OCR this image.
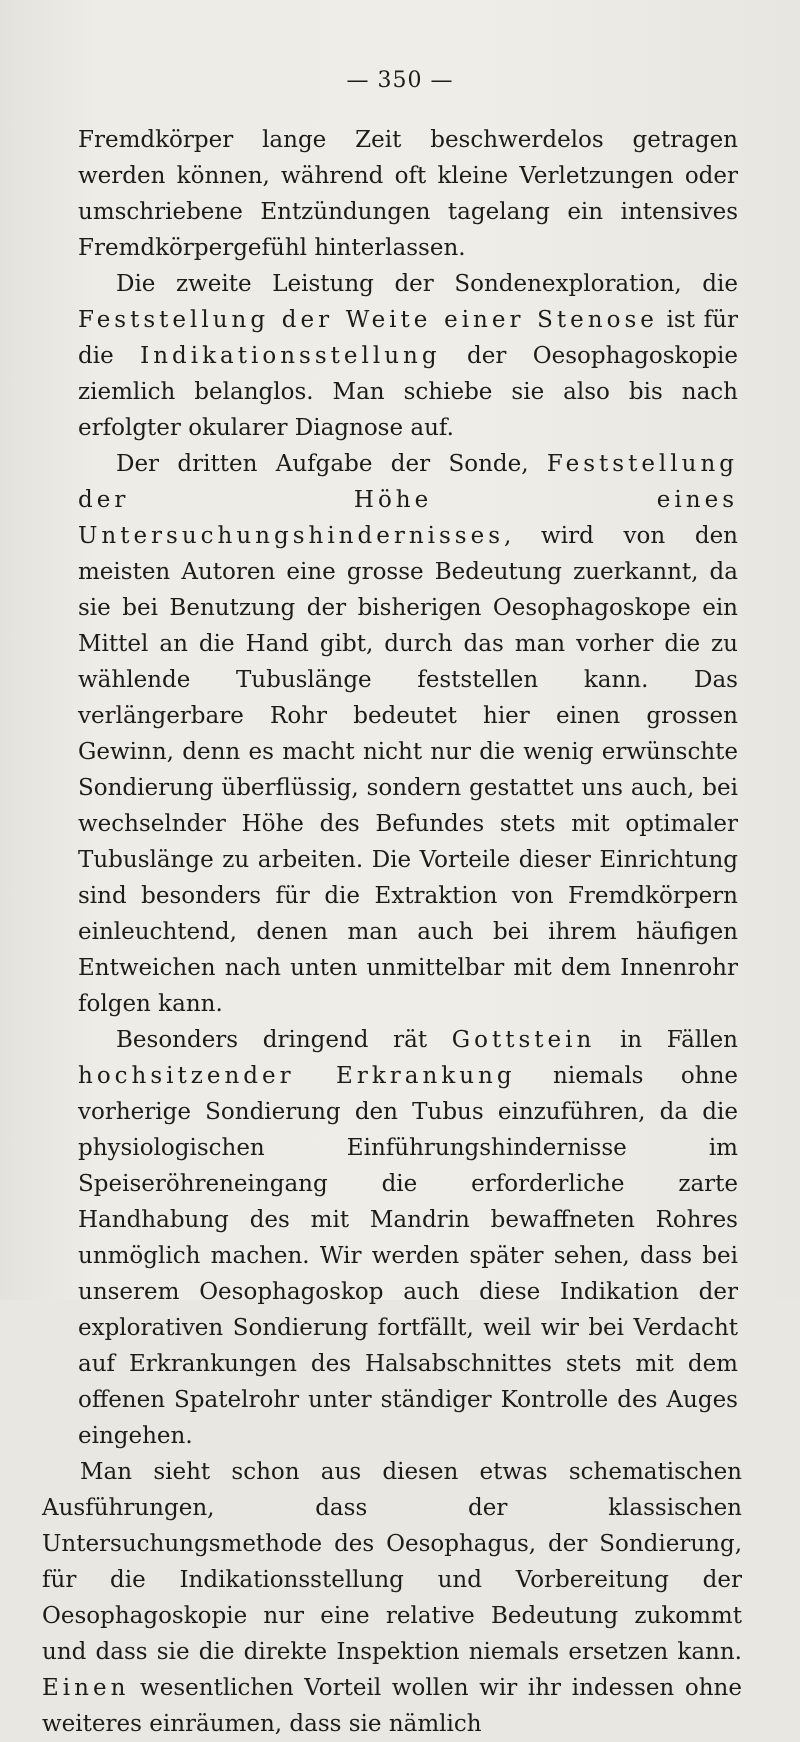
— 350 —

Fremdkörper lange Zeit beschwerdelos getragen werden können, während oft kleine Verletzungen oder umschriebene Entzündungen tagelang ein intensives Fremdkörpergefühl hinterlassen.

Die zweite Leistung der Sondenexploration, die Feststellung der Weite einer Stenose ist für die Indikationsstellung der Oesophagoskopie ziemlich belanglos. Man schiebe sie also bis nach erfolgter okularer Diagnose auf.

Der dritten Aufgabe der Sonde, Feststellung der Höhe eines Untersuchungshindernisses, wird von den meisten Autoren eine grosse Bedeutung zuerkannt, da sie bei Benutzung der bisherigen Oesophagoskope ein Mittel an die Hand gibt, durch das man vorher die zu wählende Tubuslänge feststellen kann. Das verlängerbare Rohr bedeutet hier einen grossen Gewinn, denn es macht nicht nur die wenig erwünschte Sondierung überflüssig, sondern gestattet uns auch, bei wechselnder Höhe des Befundes stets mit optimaler Tubuslänge zu arbeiten. Die Vorteile dieser Einrichtung sind besonders für die Extraktion von Fremdkörpern einleuchtend, denen man auch bei ihrem häufigen Entweichen nach unten unmittelbar mit dem Innenrohr folgen kann.

Besonders dringend rät Gottstein in Fällen hochsitzender Erkrankung niemals ohne vorherige Sondierung den Tubus einzuführen, da die physiologischen Einführungshindernisse im Speiseröhreneingang die erforderliche zarte Handhabung des mit Mandrin bewaffneten Rohres unmöglich machen. Wir werden später sehen, dass bei unserem Oesophagoskop auch diese Indikation der explorativen Sondierung fortfällt, weil wir bei Verdacht auf Erkrankungen des Halsabschnittes stets mit dem offenen Spatelrohr unter ständiger Kontrolle des Auges eingehen.

Man sieht schon aus diesen etwas schematischen Ausführungen, dass der klassischen Untersuchungsmethode des Oesophagus, der Sondierung, für die Indikationsstellung und Vorbereitung der Oesophagoskopie nur eine relative Bedeutung zukommt und dass sie die direkte Inspektion niemals ersetzen kann. Einen wesentlichen Vorteil wollen wir ihr indessen ohne weiteres einräumen, dass sie nämlich
